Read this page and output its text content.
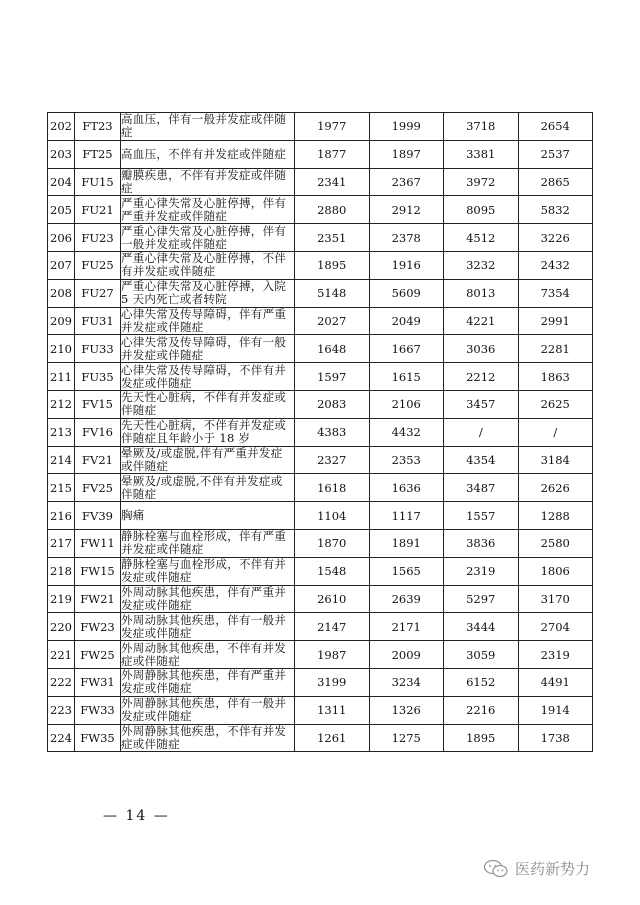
202	FT23	高血压，伴有一般并发症或伴随症	1977	1999	3718	2654
203	FT25	高血压，不伴有并发症或伴随症	1877	1897	3381	2537
204	FU15	瓣膜疾患，不伴有并发症或伴随症	2341	2367	3972	2865
205	FU21	严重心律失常及心脏停搏，伴有严重并发症或伴随症	2880	2912	8095	5832
206	FU23	严重心律失常及心脏停搏，伴有一般并发症或伴随症	2351	2378	4512	3226
207	FU25	严重心律失常及心脏停搏，不伴有并发症或伴随症	1895	1916	3232	2432
208	FU27	严重心律失常及心脏停搏，入院 5 天内死亡或者转院	5148	5609	8013	7354
209	FU31	心律失常及传导障碍，伴有严重并发症或伴随症	2027	2049	4221	2991
210	FU33	心律失常及传导障碍，伴有一般并发症或伴随症	1648	1667	3036	2281
211	FU35	心律失常及传导障碍，不伴有并发症或伴随症	1597	1615	2212	1863
212	FV15	先天性心脏病，不伴有并发症或伴随症	2083	2106	3457	2625
213	FV16	先天性心脏病，不伴有并发症或伴随症且年龄小于 18 岁	4383	4432	/	/
214	FV21	晕厥及/或虚脱,伴有严重并发症或伴随症	2327	2353	4354	3184
215	FV25	晕厥及/或虚脱,不伴有并发症或伴随症	1618	1636	3487	2626
216	FV39	胸痛	1104	1117	1557	1288
217	FW11	静脉栓塞与血栓形成，伴有严重并发症或伴随症	1870	1891	3836	2580
218	FW15	静脉栓塞与血栓形成，不伴有并发症或伴随症	1548	1565	2319	1806
219	FW21	外周动脉其他疾患，伴有严重并发症或伴随症	2610	2639	5297	3170
220	FW23	外周动脉其他疾患，伴有一般并发症或伴随症	2147	2171	3444	2704
221	FW25	外周动脉其他疾患，不伴有并发症或伴随症	1987	2009	3059	2319
222	FW31	外周静脉其他疾患，伴有严重并发症或伴随症	3199	3234	6152	4491
223	FW33	外周静脉其他疾患，伴有一般并发症或伴随症	1311	1326	2216	1914
224	FW35	外周静脉其他疾患，不伴有并发症或伴随症	1261	1275	1895	1738
— 14 —
医药新势力
